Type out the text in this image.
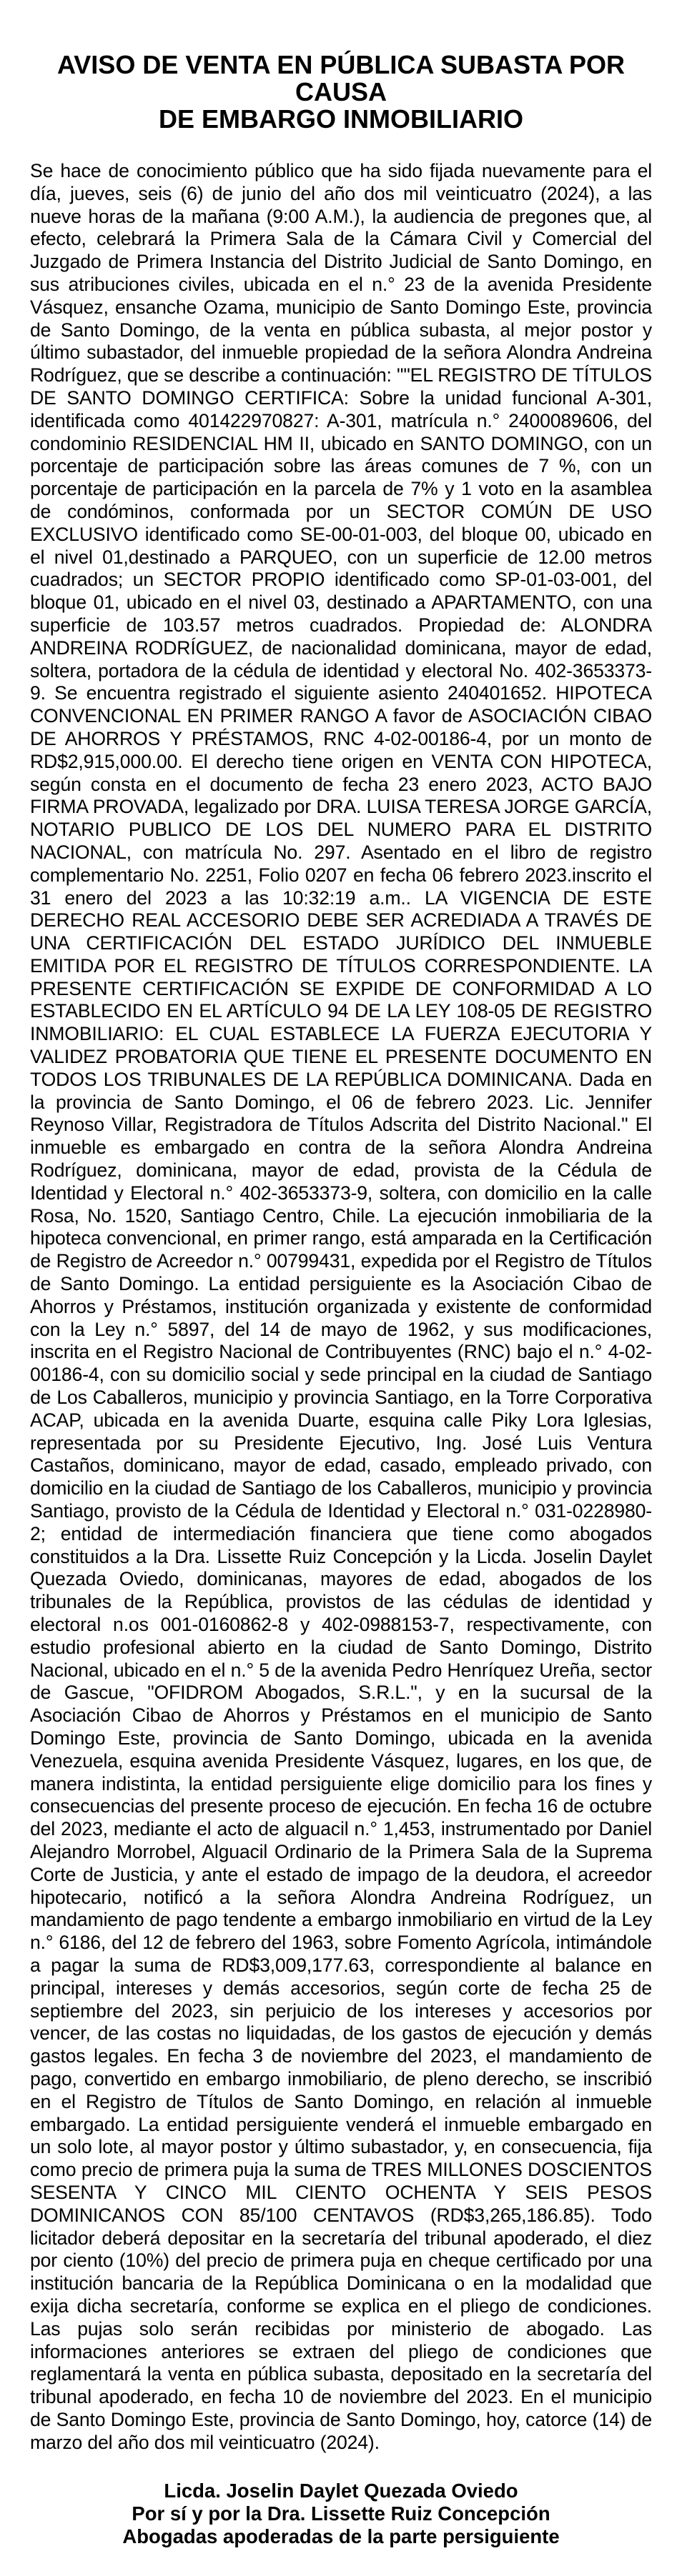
AVISO DE VENTA EN PÚBLICA SUBASTA POR CAUSA
DE EMBARGO INMOBILIARIO

Se hace de conocimiento público que ha sido fijada nuevamente para el día, jueves, seis (6) de junio del año dos mil veinticuatro (2024), a las nueve horas de la mañana (9:00 A.M.), la audiencia de pregones que, al efecto, celebrará la Primera Sala de la Cámara Civil y Comercial del Juzgado de Primera Instancia del Distrito Judicial de Santo Domingo, en sus atribuciones civiles, ubicada en el n.° 23 de la avenida Presidente Vásquez, ensanche Ozama, municipio de Santo Domingo Este, provincia de Santo Domingo, de la venta en pública subasta, al mejor postor y último subastador, del inmueble propiedad de la señora Alondra Andreina Rodríguez, que se describe a continuación: ""EL REGISTRO DE TÍTULOS DE SANTO DOMINGO CERTIFICA: Sobre la unidad funcional A-301, identificada como 401422970827: A-301, matrícula n.° 2400089606, del condominio RESIDENCIAL HM II, ubicado en SANTO DOMINGO, con un porcentaje de participación sobre las áreas comunes de 7 %, con un porcentaje de participación en la parcela de 7% y 1 voto en la asamblea de condóminos, conformada por un SECTOR COMÚN DE USO EXCLUSIVO identificado como SE-00-01-003, del bloque 00, ubicado en el nivel 01,destinado a PARQUEO, con un superficie de 12.00 metros cuadrados; un SECTOR PROPIO identificado como SP-01-03-001, del bloque 01, ubicado en el nivel 03, destinado a APARTAMENTO, con una superficie de 103.57 metros cuadrados. Propiedad de: ALONDRA ANDREINA RODRÍGUEZ, de nacionalidad dominicana, mayor de edad, soltera, portadora de la cédula de identidad y electoral No. 402-3653373-9. Se encuentra registrado el siguiente asiento 240401652. HIPOTECA CONVENCIONAL EN PRIMER RANGO A favor de ASOCIACIÓN CIBAO DE AHORROS Y PRÉSTAMOS, RNC 4-02-00186-4, por un monto de RD$2,915,000.00. El derecho tiene origen en VENTA CON HIPOTECA, según consta en el documento de fecha 23 enero 2023, ACTO BAJO FIRMA PROVADA, legalizado por DRA. LUISA TERESA JORGE GARCÍA, NOTARIO PUBLICO DE LOS DEL NUMERO PARA EL DISTRITO NACIONAL, con matrícula No. 297. Asentado en el libro de registro complementario No. 2251, Folio 0207 en fecha 06 febrero 2023.inscrito el 31 enero del 2023 a las 10:32:19 a.m.. LA VIGENCIA DE ESTE DERECHO REAL ACCESORIO DEBE SER ACREDIADA A TRAVÉS DE UNA CERTIFICACIÓN DEL ESTADO JURÍDICO DEL INMUEBLE EMITIDA POR EL REGISTRO DE TÍTULOS CORRESPONDIENTE. LA PRESENTE CERTIFICACIÓN SE EXPIDE DE CONFORMIDAD A LO ESTABLECIDO EN EL ARTÍCULO 94 DE LA LEY 108-05 DE REGISTRO INMOBILIARIO: EL CUAL ESTABLECE LA FUERZA EJECUTORIA Y VALIDEZ PROBATORIA QUE TIENE EL PRESENTE DOCUMENTO EN TODOS LOS TRIBUNALES DE LA REPÚBLICA DOMINICANA. Dada en la provincia de Santo Domingo, el 06 de febrero 2023. Lic. Jennifer Reynoso Villar, Registradora de Títulos Adscrita del Distrito Nacional." El inmueble es embargado en contra de la señora Alondra Andreina Rodríguez, dominicana, mayor de edad, provista de la Cédula de Identidad y Electoral n.° 402-3653373-9, soltera, con domicilio en la calle Rosa, No. 1520, Santiago Centro, Chile. La ejecución inmobiliaria de la hipoteca convencional, en primer rango, está amparada en la Certificación de Registro de Acreedor n.° 00799431, expedida por el Registro de Títulos de Santo Domingo. La entidad persiguiente es la Asociación Cibao de Ahorros y Préstamos, institución organizada y existente de conformidad con la Ley n.° 5897, del 14 de mayo de 1962, y sus modificaciones, inscrita en el Registro Nacional de Contribuyentes (RNC) bajo el n.° 4-02-00186-4, con su domicilio social y sede principal en la ciudad de Santiago de Los Caballeros, municipio y provincia Santiago, en la Torre Corporativa ACAP, ubicada en la avenida Duarte, esquina calle Piky Lora Iglesias, representada por su Presidente Ejecutivo, Ing. José Luis Ventura Castaños, dominicano, mayor de edad, casado, empleado privado, con domicilio en la ciudad de Santiago de los Caballeros, municipio y provincia Santiago, provisto de la Cédula de Identidad y Electoral n.° 031-0228980-2; entidad de intermediación financiera que tiene como abogados constituidos a la Dra. Lissette Ruiz Concepción y la Licda. Joselin Daylet Quezada Oviedo, dominicanas, mayores de edad, abogados de los tribunales de la República, provistos de las cédulas de identidad y electoral n.os 001-0160862-8 y 402-0988153-7, respectivamente, con estudio profesional abierto en la ciudad de Santo Domingo, Distrito Nacional, ubicado en el n.° 5 de la avenida Pedro Henríquez Ureña, sector de Gascue, "OFIDROM Abogados, S.R.L.", y en la sucursal de la Asociación Cibao de Ahorros y Préstamos en el municipio de Santo Domingo Este, provincia de Santo Domingo, ubicada en la avenida Venezuela, esquina avenida Presidente Vásquez, lugares, en los que, de manera indistinta, la entidad persiguiente elige domicilio para los fines y consecuencias del presente proceso de ejecución. En fecha 16 de octubre del 2023, mediante el acto de alguacil n.° 1,453, instrumentado por Daniel Alejandro Morrobel, Alguacil Ordinario de la Primera Sala de la Suprema Corte de Justicia, y ante el estado de impago de la deudora, el acreedor hipotecario, notificó a la señora Alondra Andreina Rodríguez, un mandamiento de pago tendente a embargo inmobiliario en virtud de la Ley n.° 6186, del 12 de febrero del 1963, sobre Fomento Agrícola, intimándole a pagar la suma de RD$3,009,177.63, correspondiente al balance en principal, intereses y demás accesorios, según corte de fecha 25 de septiembre del 2023, sin perjuicio de los intereses y accesorios por vencer, de las costas no liquidadas, de los gastos de ejecución y demás gastos legales. En fecha 3 de noviembre del 2023, el mandamiento de pago, convertido en embargo inmobiliario, de pleno derecho, se inscribió en el Registro de Títulos de Santo Domingo, en relación al inmueble embargado. La entidad persiguiente venderá el inmueble embargado en un solo lote, al mayor postor y último subastador, y, en consecuencia, fija como precio de primera puja la suma de TRES MILLONES DOSCIENTOS SESENTA Y CINCO MIL CIENTO OCHENTA Y SEIS PESOS DOMINICANOS CON 85/100 CENTAVOS (RD$3,265,186.85). Todo licitador deberá depositar en la secretaría del tribunal apoderado, el diez por ciento (10%) del precio de primera puja en cheque certificado por una institución bancaria de la República Dominicana o en la modalidad que exija dicha secretaría, conforme se explica en el pliego de condiciones. Las pujas solo serán recibidas por ministerio de abogado. Las informaciones anteriores se extraen del pliego de condiciones que reglamentará la venta en pública subasta, depositado en la secretaría del tribunal apoderado, en fecha 10 de noviembre del 2023. En el municipio de Santo Domingo Este, provincia de Santo Domingo, hoy, catorce (14) de marzo del año dos mil veinticuatro (2024).

Licda. Joselin Daylet Quezada Oviedo
Por sí y por la Dra. Lissette Ruiz Concepción
Abogadas apoderadas de la parte persiguiente
